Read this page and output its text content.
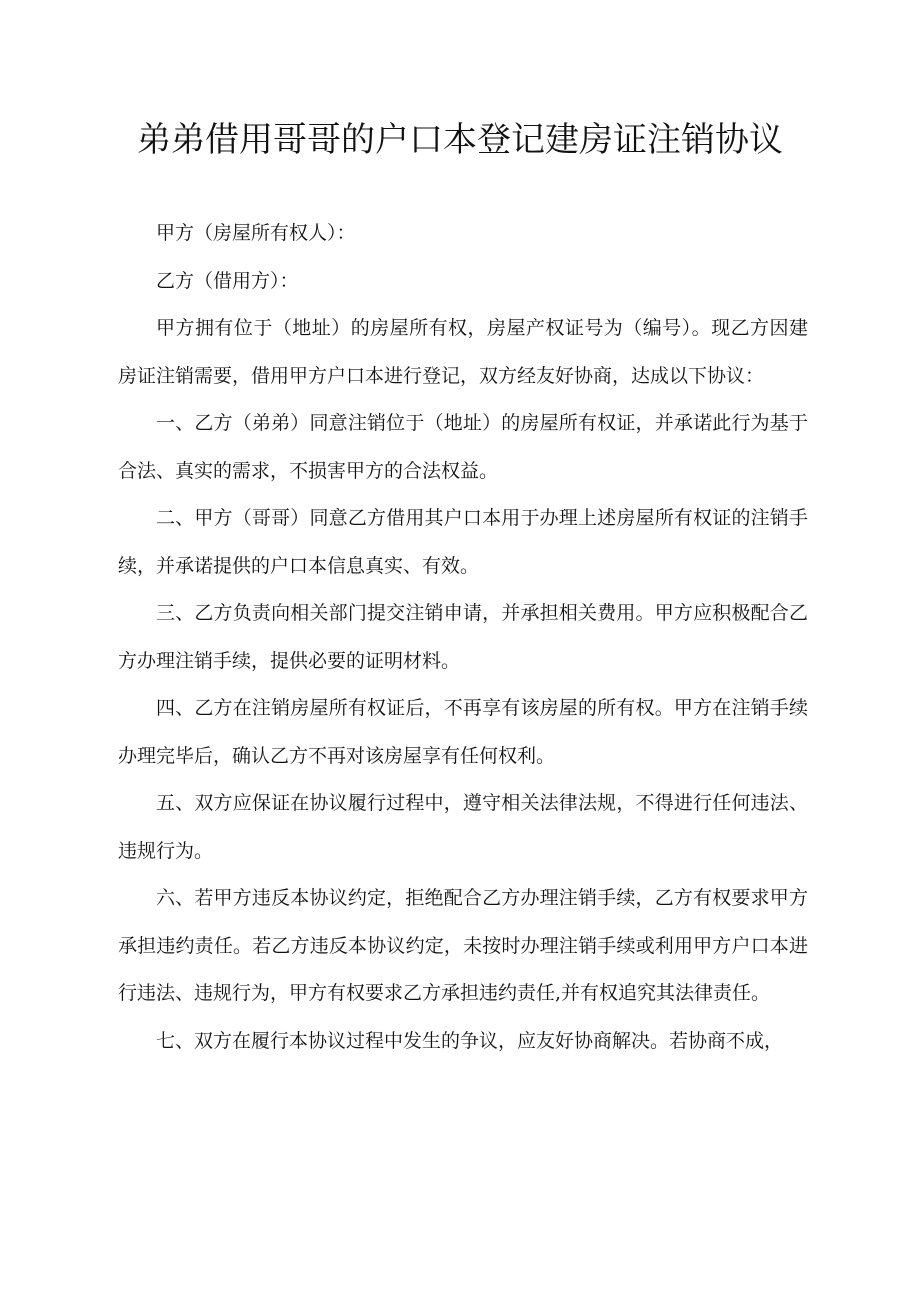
弟弟借用哥哥的户口本登记建房证注销协议

甲方（房屋所有权人）：

乙方（借用方）：

甲方拥有位于（地址）的房屋所有权，房屋产权证号为（编号）。现乙方因建房证注销需要，借用甲方户口本进行登记，双方经友好协商，达成以下协议：

一、乙方（弟弟）同意注销位于（地址）的房屋所有权证，并承诺此行为基于合法、真实的需求，不损害甲方的合法权益。

二、甲方（哥哥）同意乙方借用其户口本用于办理上述房屋所有权证的注销手续，并承诺提供的户口本信息真实、有效。

三、乙方负责向相关部门提交注销申请，并承担相关费用。甲方应积极配合乙方办理注销手续，提供必要的证明材料。

四、乙方在注销房屋所有权证后，不再享有该房屋的所有权。甲方在注销手续办理完毕后，确认乙方不再对该房屋享有任何权利。

五、双方应保证在协议履行过程中，遵守相关法律法规，不得进行任何违法、违规行为。

六、若甲方违反本协议约定，拒绝配合乙方办理注销手续，乙方有权要求甲方承担违约责任。若乙方违反本协议约定，未按时办理注销手续或利用甲方户口本进行违法、违规行为，甲方有权要求乙方承担违约责任,并有权追究其法律责任。

七、双方在履行本协议过程中发生的争议，应友好协商解决。若协商不成，
